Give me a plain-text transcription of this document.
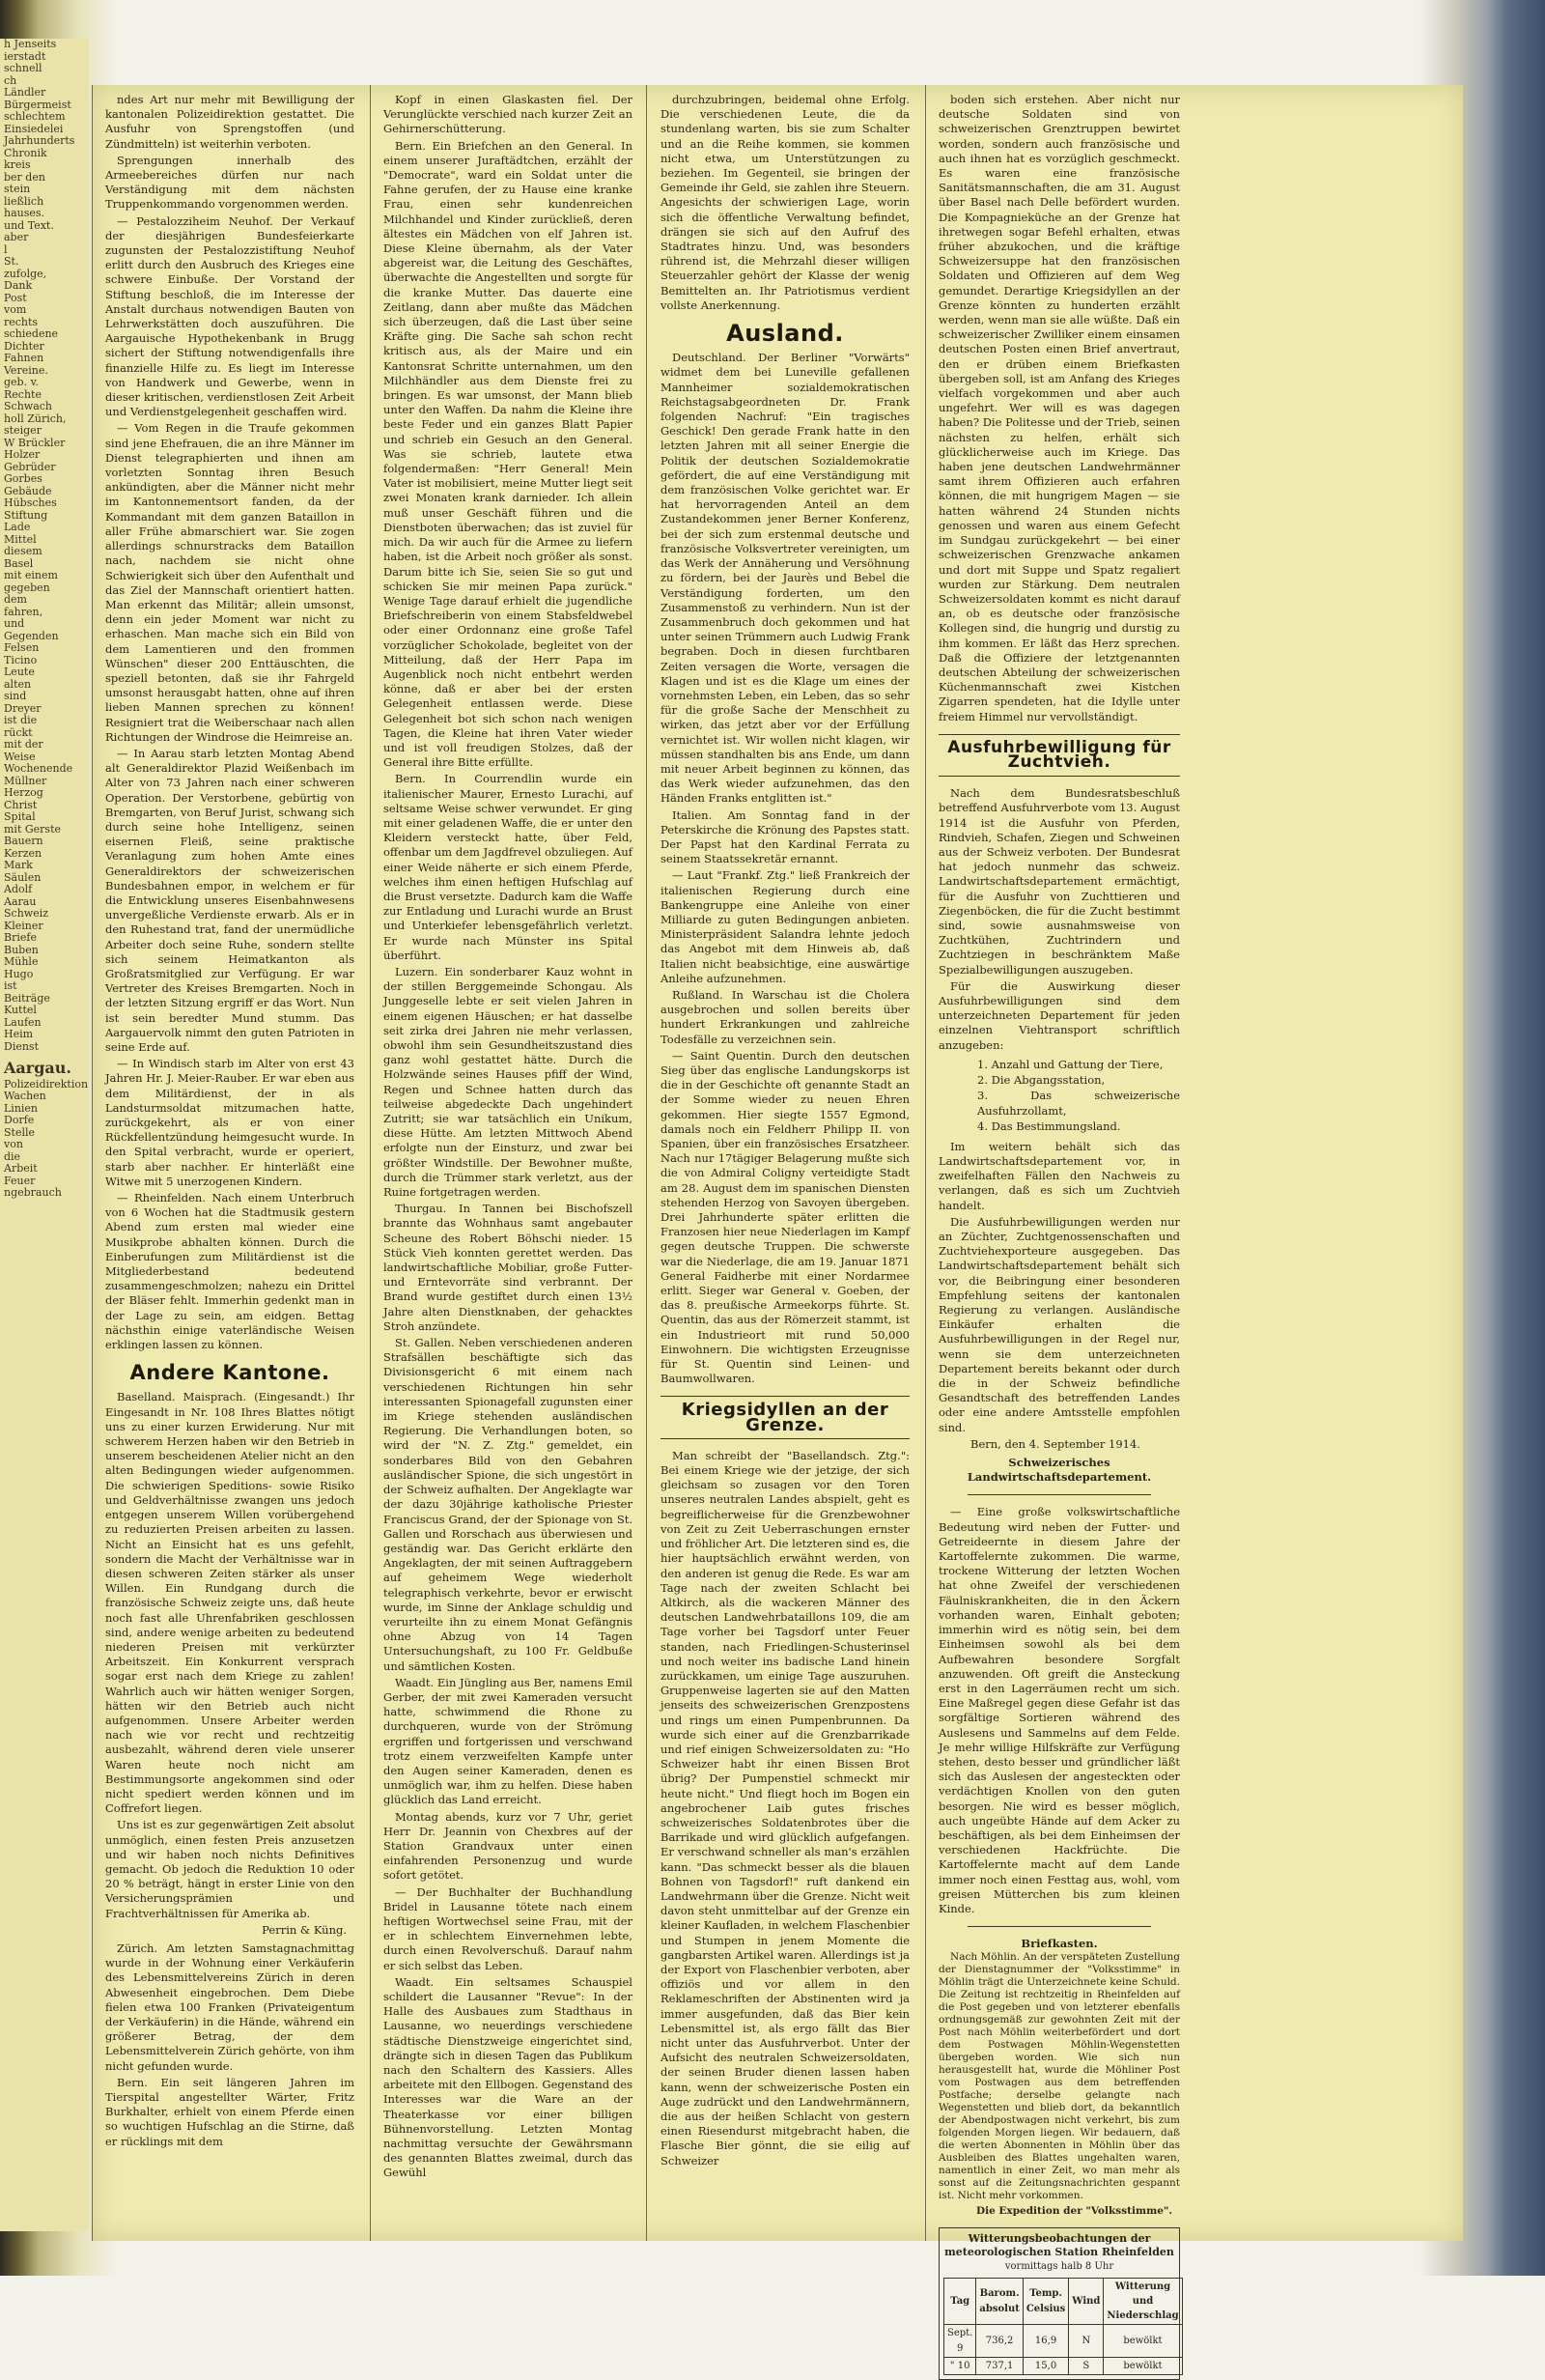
h Jenseits
ierstadt
schnell
ch
Ländler
Bürgermeist
schlechtem
Einsiedelei
Jahrhunderts
Chronik
kreis
ber den
stein
ließlich
hauses.
und Text.
aber
l
St.
zufolge,
Dank
Post
vom
rechts
schiedene
Dichter
Fahnen
Vereine.
geb. v.
Rechte
Schwach
holl Zürich,
steiger
W Brückler
Holzer
Gebrüder
Gorbes
Gebäude
Hübsches
Stiftung
Lade
Mittel
diesem
Basel
mit einem
gegeben
dem
fahren,
und
Gegenden
Felsen
Ticino
Leute
alten
sind
Dreyer
ist die
rückt
mit der
Weise
Wochenende
Müllner
Herzog
Christ
Spital
mit Gerste
Bauern
Kerzen
Mark
Säulen
Adolf
Aarau
Schweiz
Kleiner
Briefe
Buben
Mühle
Hugo
ist
Beiträge
Kuttel
Laufen
Heim
Dienst
Aargau.
Polizeidirektion
Wachen
Linien
Dorfe
Stelle
von
die
Arbeit
Feuer
ngebrauch

ndes Art nur mehr mit Bewilligung der kantonalen Polizeidirektion gestattet. Die Ausfuhr von Sprengstoffen (und Zündmitteln) ist weiterhin verboten.

Sprengungen innerhalb des Armeebereiches dürfen nur nach Verständigung mit dem nächsten Truppenkommando vorgenommen werden.

— Pestalozziheim Neuhof. Der Verkauf der diesjährigen Bundesfeierkarte zugunsten der Pestalozzistiftung Neuhof erlitt durch den Ausbruch des Krieges eine schwere Einbuße. Der Vorstand der Stiftung beschloß, die im Interesse der Anstalt durchaus notwendigen Bauten von Lehrwerkstätten doch auszuführen. Die Aargauische Hypothekenbank in Brugg sichert der Stiftung notwendigenfalls ihre finanzielle Hilfe zu. Es liegt im Interesse von Handwerk und Gewerbe, wenn in dieser kritischen, verdienstlosen Zeit Arbeit und Verdienstgelegenheit geschaffen wird.

— Vom Regen in die Traufe gekommen sind jene Ehefrauen, die an ihre Männer im Dienst telegraphierten und ihnen am vorletzten Sonntag ihren Besuch ankündigten, aber die Männer nicht mehr im Kantonnementsort fanden, da der Kommandant mit dem ganzen Bataillon in aller Frühe abmarschiert war. Sie zogen allerdings schnurstracks dem Bataillon nach, nachdem sie nicht ohne Schwierigkeit sich über den Aufenthalt und das Ziel der Mannschaft orientiert hatten. Man erkennt das Militär; allein umsonst, denn ein jeder Moment war nicht zu erhaschen. Man mache sich ein Bild von dem Lamentieren und den frommen Wünschen" dieser 200 Enttäuschten, die speziell betonten, daß sie ihr Fahrgeld umsonst herausgabt hatten, ohne auf ihren lieben Mannen sprechen zu können! Resigniert trat die Weiberschaar nach allen Richtungen der Windrose die Heimreise an.

— In Aarau starb letzten Montag Abend alt Generaldirektor Plazid Weißenbach im Alter von 73 Jahren nach einer schweren Operation. Der Verstorbene, gebürtig von Bremgarten, von Beruf Jurist, schwang sich durch seine hohe Intelligenz, seinen eisernen Fleiß, seine praktische Veranlagung zum hohen Amte eines Generaldirektors der schweizerischen Bundesbahnen empor, in welchem er für die Entwicklung unseres Eisenbahnwesens unvergeßliche Verdienste erwarb. Als er in den Ruhestand trat, fand der unermüdliche Arbeiter doch seine Ruhe, sondern stellte sich seinem Heimatkanton als Großratsmitglied zur Verfügung. Er war Vertreter des Kreises Bremgarten. Noch in der letzten Sitzung ergriff er das Wort. Nun ist sein beredter Mund stumm. Das Aargauervolk nimmt den guten Patrioten in seine Erde auf.

— In Windisch starb im Alter von erst 43 Jahren Hr. J. Meier-Rauber. Er war eben aus dem Militärdienst, der in als Landsturmsoldat mitzumachen hatte, zurückgekehrt, als er von einer Rückfellentzündung heimgesucht wurde. In den Spital verbracht, wurde er operiert, starb aber nachher. Er hinterläßt eine Witwe mit 5 unerzogenen Kindern.

— Rheinfelden. Nach einem Unterbruch von 6 Wochen hat die Stadtmusik gestern Abend zum ersten mal wieder eine Musikprobe abhalten können. Durch die Einberufungen zum Militärdienst ist die Mitgliederbestand bedeutend zusammengeschmolzen; nahezu ein Drittel der Bläser fehlt. Immerhin gedenkt man in der Lage zu sein, am eidgen. Bettag nächsthin einige vaterländische Weisen erklingen lassen zu können.

Andere Kantone.

Baselland. Maisprach. (Eingesandt.) Ihr Eingesandt in Nr. 108 Ihres Blattes nötigt uns zu einer kurzen Erwiderung. Nur mit schwerem Herzen haben wir den Betrieb in unserem bescheidenen Atelier nicht an den alten Bedingungen wieder aufgenommen. Die schwierigen Speditions- sowie Risiko und Geldverhältnisse zwangen uns jedoch entgegen unserem Willen vorübergehend zu reduzierten Preisen arbeiten zu lassen. Nicht an Einsicht hat es uns gefehlt, sondern die Macht der Verhältnisse war in diesen schweren Zeiten stärker als unser Willen. Ein Rundgang durch die französische Schweiz zeigte uns, daß heute noch fast alle Uhrenfabriken geschlossen sind, andere wenige arbeiten zu bedeutend niederen Preisen mit verkürzter Arbeitszeit. Ein Konkurrent versprach sogar erst nach dem Kriege zu zahlen! Wahrlich auch wir hätten weniger Sorgen, hätten wir den Betrieb auch nicht aufgenommen. Unsere Arbeiter werden nach wie vor recht und rechtzeitig ausbezahlt, während deren viele unserer Waren heute noch nicht am Bestimmungsorte angekommen sind oder nicht spediert werden können und im Coffrefort liegen.

Uns ist es zur gegenwärtigen Zeit absolut unmöglich, einen festen Preis anzusetzen und wir haben noch nichts Definitives gemacht. Ob jedoch die Reduktion 10 oder 20 % beträgt, hängt in erster Linie von den Versicherungsprämien und Frachtverhältnissen für Amerika ab.

Perrin & Küng.

Zürich. Am letzten Samstagnachmittag wurde in der Wohnung einer Verkäuferin des Lebensmittelvereins Zürich in deren Abwesenheit eingebrochen. Dem Diebe fielen etwa 100 Franken (Privateigentum der Verkäuferin) in die Hände, während ein größerer Betrag, der dem Lebensmittelverein Zürich gehörte, von ihm nicht gefunden wurde.

Bern. Ein seit längeren Jahren im Tierspital angestellter Wärter, Fritz Burkhalter, erhielt von einem Pferde einen so wuchtigen Hufschlag an die Stirne, daß er rücklings mit dem

Kopf in einen Glaskasten fiel. Der Verunglückte verschied nach kurzer Zeit an Gehirnerschütterung.

Bern. Ein Briefchen an den General. In einem unserer Juraftädtchen, erzählt der "Democrate", ward ein Soldat unter die Fahne gerufen, der zu Hause eine kranke Frau, einen sehr kundenreichen Milchhandel und Kinder zurückließ, deren ältestes ein Mädchen von elf Jahren ist. Diese Kleine übernahm, als der Vater abgereist war, die Leitung des Geschäftes, überwachte die Angestellten und sorgte für die kranke Mutter. Das dauerte eine Zeitlang, dann aber mußte das Mädchen sich überzeugen, daß die Last über seine Kräfte ging. Die Sache sah schon recht kritisch aus, als der Maire und ein Kantonsrat Schritte unternahmen, um den Milchhändler aus dem Dienste frei zu bringen. Es war umsonst, der Mann blieb unter den Waffen. Da nahm die Kleine ihre beste Feder und ein ganzes Blatt Papier und schrieb ein Gesuch an den General. Was sie schrieb, lautete etwa folgendermaßen: "Herr General! Mein Vater ist mobilisiert, meine Mutter liegt seit zwei Monaten krank darnieder. Ich allein muß unser Geschäft führen und die Dienstboten überwachen; das ist zuviel für mich. Da wir auch für die Armee zu liefern haben, ist die Arbeit noch größer als sonst. Darum bitte ich Sie, seien Sie so gut und schicken Sie mir meinen Papa zurück." Wenige Tage darauf erhielt die jugendliche Briefschreiberin von einem Stabsfeldwebel oder einer Ordonnanz eine große Tafel vorzüglicher Schokolade, begleitet von der Mitteilung, daß der Herr Papa im Augenblick noch nicht entbehrt werden könne, daß er aber bei der ersten Gelegenheit entlassen werde. Diese Gelegenheit bot sich schon nach wenigen Tagen, die Kleine hat ihren Vater wieder und ist voll freudigen Stolzes, daß der General ihre Bitte erfüllte.

Bern. In Courrendlin wurde ein italienischer Maurer, Ernesto Lurachi, auf seltsame Weise schwer verwundet. Er ging mit einer geladenen Waffe, die er unter den Kleidern versteckt hatte, über Feld, offenbar um dem Jagdfrevel obzuliegen. Auf einer Weide näherte er sich einem Pferde, welches ihm einen heftigen Hufschlag auf die Brust versetzte. Dadurch kam die Waffe zur Entladung und Lurachi wurde an Brust und Unterkiefer lebensgefährlich verletzt. Er wurde nach Münster ins Spital überführt.

Luzern. Ein sonderbarer Kauz wohnt in der stillen Berggemeinde Schongau. Als Junggeselle lebte er seit vielen Jahren in einem eigenen Häuschen; er hat dasselbe seit zirka drei Jahren nie mehr verlassen, obwohl ihm sein Gesundheitszustand dies ganz wohl gestattet hätte. Durch die Holzwände seines Hauses pfiff der Wind, Regen und Schnee hatten durch das teilweise abgedeckte Dach ungehindert Zutritt; sie war tatsächlich ein Unikum, diese Hütte. Am letzten Mittwoch Abend erfolgte nun der Einsturz, und zwar bei größter Windstille. Der Bewohner mußte, durch die Trümmer stark verletzt, aus der Ruine fortgetragen werden.

Thurgau. In Tannen bei Bischofszell brannte das Wohnhaus samt angebauter Scheune des Robert Böhschi nieder. 15 Stück Vieh konnten gerettet werden. Das landwirtschaftliche Mobiliar, große Futter- und Erntevorräte sind verbrannt. Der Brand wurde gestiftet durch einen 13½ Jahre alten Dienstknaben, der gehacktes Stroh anzündete.

St. Gallen. Neben verschiedenen anderen Strafsällen beschäftigte sich das Divisionsgericht 6 mit einem nach verschiedenen Richtungen hin sehr interessanten Spionagefall zugunsten einer im Kriege stehenden ausländischen Regierung. Die Verhandlungen boten, so wird der "N. Z. Ztg." gemeldet, ein sonderbares Bild von den Gebahren ausländischer Spione, die sich ungestört in der Schweiz aufhalten. Der Angeklagte war der dazu 30jährige katholische Priester Franciscus Grand, der der Spionage von St. Gallen und Rorschach aus überwiesen und geständig war. Das Gericht erklärte den Angeklagten, der mit seinen Auftraggebern auf geheimem Wege wiederholt telegraphisch verkehrte, bevor er erwischt wurde, im Sinne der Anklage schuldig und verurteilte ihn zu einem Monat Gefängnis ohne Abzug von 14 Tagen Untersuchungshaft, zu 100 Fr. Geldbuße und sämtlichen Kosten.

Waadt. Ein Jüngling aus Ber, namens Emil Gerber, der mit zwei Kameraden versucht hatte, schwimmend die Rhone zu durchqueren, wurde von der Strömung ergriffen und fortgerissen und verschwand trotz einem verzweifelten Kampfe unter den Augen seiner Kameraden, denen es unmöglich war, ihm zu helfen. Diese haben glücklich das Land erreicht.

Montag abends, kurz vor 7 Uhr, geriet Herr Dr. Jeannin von Chexbres auf der Station Grandvaux unter einen einfahrenden Personenzug und wurde sofort getötet.

— Der Buchhalter der Buchhandlung Bridel in Lausanne tötete nach einem heftigen Wortwechsel seine Frau, mit der er in schlechtem Einvernehmen lebte, durch einen Revolverschuß. Darauf nahm er sich selbst das Leben.

Waadt. Ein seltsames Schauspiel schildert die Lausanner "Revue": In der Halle des Ausbaues zum Stadthaus in Lausanne, wo neuerdings verschiedene städtische Dienstzweige eingerichtet sind, drängte sich in diesen Tagen das Publikum nach den Schaltern des Kassiers. Alles arbeitete mit den Ellbogen. Gegenstand des Interesses war die Ware an der Theaterkasse vor einer billigen Bühnenvorstellung. Letzten Montag nachmittag versuchte der Gewährsmann des genannten Blattes zweimal, durch das Gewühl

durchzubringen, beidemal ohne Erfolg. Die verschiedenen Leute, die da stundenlang warten, bis sie zum Schalter und an die Reihe kommen, sie kommen nicht etwa, um Unterstützungen zu beziehen. Im Gegenteil, sie bringen der Gemeinde ihr Geld, sie zahlen ihre Steuern. Angesichts der schwierigen Lage, worin sich die öffentliche Verwaltung befindet, drängen sie sich auf den Aufruf des Stadtrates hinzu. Und, was besonders rührend ist, die Mehrzahl dieser willigen Steuerzahler gehört der Klasse der wenig Bemittelten an. Ihr Patriotismus verdient vollste Anerkennung.

Ausland.

Deutschland. Der Berliner "Vorwärts" widmet dem bei Luneville gefallenen Mannheimer sozialdemokratischen Reichstagsabgeordneten Dr. Frank folgenden Nachruf: "Ein tragisches Geschick! Den gerade Frank hatte in den letzten Jahren mit all seiner Energie die Politik der deutschen Sozialdemokratie gefördert, die auf eine Verständigung mit dem französischen Volke gerichtet war. Er hat hervorragenden Anteil an dem Zustandekommen jener Berner Konferenz, bei der sich zum erstenmal deutsche und französische Volksvertreter vereinigten, um das Werk der Annäherung und Versöhnung zu fördern, bei der Jaurès und Bebel die Verständigung forderten, um den Zusammenstoß zu verhindern. Nun ist der Zusammenbruch doch gekommen und hat unter seinen Trümmern auch Ludwig Frank begraben. Doch in diesen furchtbaren Zeiten versagen die Worte, versagen die Klagen und ist es die Klage um eines der vornehmsten Leben, ein Leben, das so sehr für die große Sache der Menschheit zu wirken, das jetzt aber vor der Erfüllung vernichtet ist. Wir wollen nicht klagen, wir müssen standhalten bis ans Ende, um dann mit neuer Arbeit beginnen zu können, das das Werk wieder aufzunehmen, das den Händen Franks entglitten ist."

Italien. Am Sonntag fand in der Peterskirche die Krönung des Papstes statt. Der Papst hat den Kardinal Ferrata zu seinem Staatssekretär ernannt.

— Laut "Frankf. Ztg." ließ Frankreich der italienischen Regierung durch eine Bankengruppe eine Anleihe von einer Milliarde zu guten Bedingungen anbieten. Ministerpräsident Salandra lehnte jedoch das Angebot mit dem Hinweis ab, daß Italien nicht beabsichtige, eine auswärtige Anleihe aufzunehmen.

Rußland. In Warschau ist die Cholera ausgebrochen und sollen bereits über hundert Erkrankungen und zahlreiche Todesfälle zu verzeichnen sein.

— Saint Quentin. Durch den deutschen Sieg über das englische Landungskorps ist die in der Geschichte oft genannte Stadt an der Somme wieder zu neuen Ehren gekommen. Hier siegte 1557 Egmond, damals noch ein Feldherr Philipp II. von Spanien, über ein französisches Ersatzheer. Nach nur 17tägiger Belagerung mußte sich die von Admiral Coligny verteidigte Stadt am 28. August dem im spanischen Diensten stehenden Herzog von Savoyen übergeben. Drei Jahrhunderte später erlitten die Franzosen hier neue Niederlagen im Kampf gegen deutsche Truppen. Die schwerste war die Niederlage, die am 19. Januar 1871 General Faidherbe mit einer Nordarmee erlitt. Sieger war General v. Goeben, der das 8. preußische Armeekorps führte. St. Quentin, das aus der Römerzeit stammt, ist ein Industrieort mit rund 50,000 Einwohnern. Die wichtigsten Erzeugnisse für St. Quentin sind Leinen- und Baumwollwaren.

Kriegsidyllen an der Grenze.

Man schreibt der "Basellandsch. Ztg.": Bei einem Kriege wie der jetzige, der sich gleichsam so zusagen vor den Toren unseres neutralen Landes abspielt, geht es begreiflicherweise für die Grenzbewohner von Zeit zu Zeit Ueberraschungen ernster und fröhlicher Art. Die letzteren sind es, die hier hauptsächlich erwähnt werden, von den anderen ist genug die Rede. Es war am Tage nach der zweiten Schlacht bei Altkirch, als die wackeren Männer des deutschen Landwehrbataillons 109, die am Tage vorher bei Tagsdorf unter Feuer standen, nach Friedlingen-Schusterinsel und noch weiter ins badische Land hinein zurückkamen, um einige Tage auszuruhen. Gruppenweise lagerten sie auf den Matten jenseits des schweizerischen Grenzpostens und rings um einen Pumpenbrunnen. Da wurde sich einer auf die Grenzbarrikade und rief einigen Schweizersoldaten zu: "Ho Schweizer habt ihr einen Bissen Brot übrig? Der Pumpenstiel schmeckt mir heute nicht." Und fliegt hoch im Bogen ein angebrochener Laib gutes frisches schweizerisches Soldatenbrotes über die Barrikade und wird glücklich aufgefangen. Er verschwand schneller als man's erzählen kann. "Das schmeckt besser als die blauen Bohnen von Tagsdorf!" ruft dankend ein Landwehrmann über die Grenze. Nicht weit davon steht unmittelbar auf der Grenze ein kleiner Kaufladen, in welchem Flaschenbier und Stumpen in jenem Momente die gangbarsten Artikel waren. Allerdings ist ja der Export von Flaschenbier verboten, aber offiziös und vor allem in den Reklameschriften der Abstinenten wird ja immer ausgefunden, daß das Bier kein Lebensmittel ist, als ergo fällt das Bier nicht unter das Ausfuhrverbot. Unter der Aufsicht des neutralen Schweizersoldaten, der seinen Bruder dienen lassen haben kann, wenn der schweizerische Posten ein Auge zudrückt und den Landwehrmännern, die aus der heißen Schlacht von gestern einen Riesendurst mitgebracht haben, die Flasche Bier gönnt, die sie eilig auf Schweizer

boden sich erstehen. Aber nicht nur deutsche Soldaten sind von schweizerischen Grenztruppen bewirtet worden, sondern auch französische und auch ihnen hat es vorzüglich geschmeckt. Es waren eine französische Sanitätsmannschaften, die am 31. August über Basel nach Delle befördert wurden. Die Kompagnieküche an der Grenze hat ihretwegen sogar Befehl erhalten, etwas früher abzukochen, und die kräftige Schweizersuppe hat den französischen Soldaten und Offizieren auf dem Weg gemundet. Derartige Kriegsidyllen an der Grenze könnten zu hunderten erzählt werden, wenn man sie alle wüßte. Daß ein schweizerischer Zwilliker einem einsamen deutschen Posten einen Brief anvertraut, den er drüben einem Briefkasten übergeben soll, ist am Anfang des Krieges vielfach vorgekommen und aber auch ungefehrt. Wer will es was dagegen haben? Die Politesse und der Trieb, seinen nächsten zu helfen, erhält sich glücklicherweise auch im Kriege. Das haben jene deutschen Landwehrmänner samt ihrem Offizieren auch erfahren können, die mit hungrigem Magen — sie hatten während 24 Stunden nichts genossen und waren aus einem Gefecht im Sundgau zurückgekehrt — bei einer schweizerischen Grenzwache ankamen und dort mit Suppe und Spatz regaliert wurden zur Stärkung. Dem neutralen Schweizersoldaten kommt es nicht darauf an, ob es deutsche oder französische Kollegen sind, die hungrig und durstig zu ihm kommen. Er läßt das Herz sprechen. Daß die Offiziere der letztgenannten deutschen Abteilung der schweizerischen Küchenmannschaft zwei Kistchen Zigarren spendeten, hat die Idylle unter freiem Himmel nur vervollständigt.

Ausfuhrbewilligung für Zuchtvieh.

Nach dem Bundesratsbeschluß betreffend Ausfuhrverbote vom 13. August 1914 ist die Ausfuhr von Pferden, Rindvieh, Schafen, Ziegen und Schweinen aus der Schweiz verboten. Der Bundesrat hat jedoch nunmehr das schweiz. Landwirtschaftsdepartement ermächtigt, für die Ausfuhr von Zuchttieren und Ziegenböcken, die für die Zucht bestimmt sind, sowie ausnahmsweise von Zuchtkühen, Zuchtrindern und Zuchtziegen in beschränktem Maße Spezialbewilligungen auszugeben.

Für die Auswirkung dieser Ausfuhrbewilligungen sind dem unterzeichneten Departement für jeden einzelnen Viehtransport schriftlich anzugeben:

1. Anzahl und Gattung der Tiere,
2. Die Abgangsstation,
3. Das schweizerische Ausfuhrzollamt,
4. Das Bestimmungsland.

Im weitern behält sich das Landwirtschaftsdepartement vor, in zweifelhaften Fällen den Nachweis zu verlangen, daß es sich um Zuchtvieh handelt.

Die Ausfuhrbewilligungen werden nur an Züchter, Zuchtgenossenschaften und Zuchtviehexporteure ausgegeben. Das Landwirtschaftsdepartement behält sich vor, die Beibringung einer besonderen Empfehlung seitens der kantonalen Regierung zu verlangen. Ausländische Einkäufer erhalten die Ausfuhrbewilligungen in der Regel nur, wenn sie dem unterzeichneten Departement bereits bekannt oder durch die in der Schweiz befindliche Gesandtschaft des betreffenden Landes oder eine andere Amtsstelle empfohlen sind.

Bern, den 4. September 1914.
Schweizerisches Landwirtschaftsdepartement.

— Eine große volkswirtschaftliche Bedeutung wird neben der Futter- und Getreideernte in diesem Jahre der Kartoffelernte zukommen. Die warme, trockene Witterung der letzten Wochen hat ohne Zweifel der verschiedenen Fäulniskrankheiten, die in den Äckern vorhanden waren, Einhalt geboten; immerhin wird es nötig sein, bei dem Einheimsen sowohl als bei dem Aufbewahren besondere Sorgfalt anzuwenden. Oft greift die Ansteckung erst in den Lagerräumen recht um sich. Eine Maßregel gegen diese Gefahr ist das sorgfältige Sortieren während des Auslesens und Sammelns auf dem Felde. Je mehr willige Hilfskräfte zur Verfügung stehen, desto besser und gründlicher läßt sich das Auslesen der angesteckten oder verdächtigen Knollen von den guten besorgen. Nie wird es besser möglich, auch ungeübte Hände auf dem Acker zu beschäftigen, als bei dem Einheimsen der verschiedenen Hackfrüchte. Die Kartoffelernte macht auf dem Lande immer noch einen Festtag aus, wohl, vom greisen Mütterchen bis zum kleinen Kinde.

Briefkasten.

Nach Möhlin. An der verspäteten Zustellung der Dienstagnummer der "Volksstimme" in Möhlin trägt die Unterzeichnete keine Schuld. Die Zeitung ist rechtzeitig in Rheinfelden auf die Post gegeben und von letzterer ebenfalls ordnungsgemäß zur gewohnten Zeit mit der Post nach Möhlin weiterbefördert und dort dem Postwagen Möhlin-Wegenstetten übergeben worden. Wie sich nun herausgestellt hat, wurde die Möhliner Post vom Postwagen aus dem betreffenden Postfache; derselbe gelangte nach Wegenstetten und blieb dort, da bekanntlich der Abendpostwagen nicht verkehrt, bis zum folgenden Morgen liegen. Wir bedauern, daß die werten Abonnenten in Möhlin über das Ausbleiben des Blattes ungehalten waren, namentlich in einer Zeit, wo man mehr als sonst auf die Zeitungsnachrichten gespannt ist. Nicht mehr vorkommen.

Die Expedition der "Volksstimme".
Witterungsbeobachtungen der meteorologischen Station Rheinfelden
vormittags halb 8 Uhr
Tag	Barom. absolut	Temp. Celsius	Wind	Witterung und Niederschlag
Sept. 9	736,2	16,9	N	bewölkt
" 10	737,1	15,0	S	bewölkt
